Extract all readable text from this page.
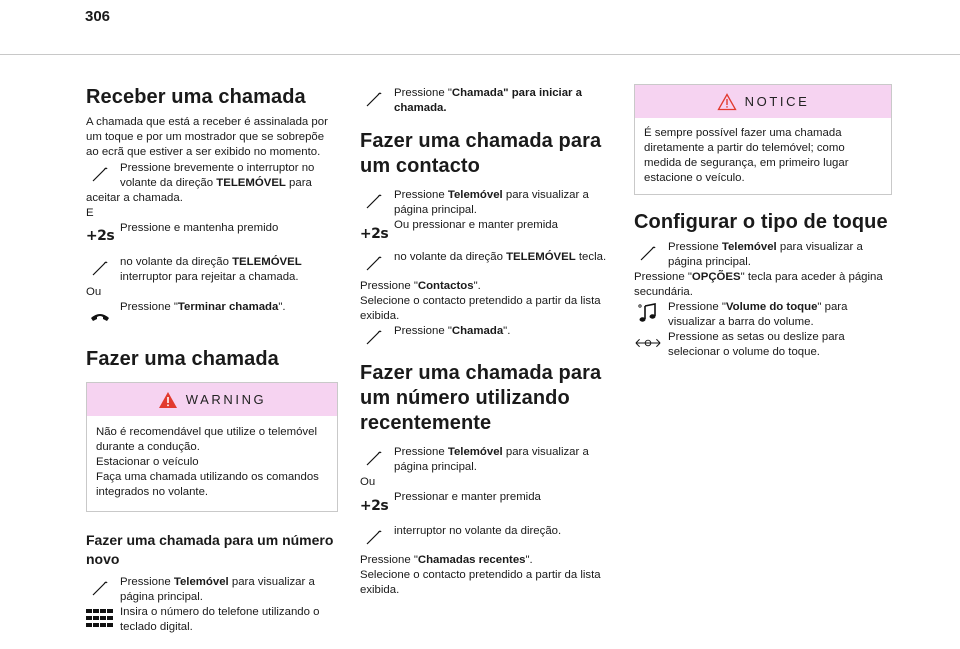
306
Receber uma chamada

A chamada que está a receber é assinalada por um toque e por um mostrador que se sobrepõe ao ecrã que estiver a ser exibido no momento.

Pressione brevemente o interruptor no volante da direção TELEMÓVEL para

aceitar a chamada.

E

+2s Pressione e mantenha premido
no volante da direção TELEMÓVEL interruptor para rejeitar a chamada.

Ou

Pressione "Terminar chamada".
Fazer uma chamada
WARNING
Não é recomendável que utilize o telemóvel durante a condução.
Estacionar o veículo
Faça uma chamada utilizando os comandos integrados no volante.
Fazer uma chamada para um número novo
Pressione Telemóvel para visualizar a página principal.
Insira o número do telefone utilizando o teclado digital.
Pressione "Chamada" para iniciar a chamada.
Fazer uma chamada para um contacto
Pressione Telemóvel para visualizar a página principal.
+2s
Ou pressionar e manter premida
no volante da direção TELEMÓVEL tecla.

Pressione "Contactos".
Selecione o contacto pretendido a partir da lista exibida.

Pressione "Chamada".
Fazer uma chamada para um número utilizando recentemente
Pressione Telemóvel para visualizar a página principal.

Ou

+2s
Pressionar e manter premida
interruptor no volante da direção.

Pressione "Chamadas recentes".
Selecione o contacto pretendido a partir da lista exibida.

NOTICE
É sempre possível fazer uma chamada diretamente a partir do telemóvel; como medida de segurança, em primeiro lugar estacione o veículo.
Configurar o tipo de toque
Pressione Telemóvel para visualizar a página principal.

Pressione "OPÇÕES" tecla para aceder à página secundária.

Pressione "Volume do toque" para visualizar a barra do volume.
Pressione as setas ou deslize para selecionar o volume do toque.
